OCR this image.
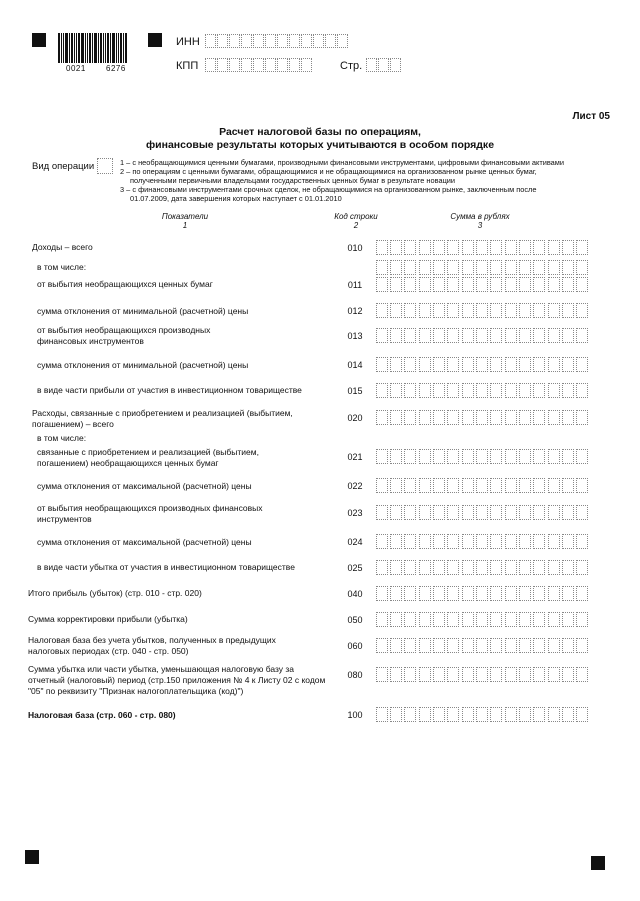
0021	6276
ИНН
КПП	Стр.
Лист 05
Расчет налоговой базы по операциям,
финансовые результаты которых учитываются в особом порядке
Вид операции	1 – с необращающимися ценными бумагами, производными финансовыми инструментами, цифровыми финансовыми активами
2 – по операциям с ценными бумагами, обращающимися и не обращающимися на организованном рынке ценных бумаг,
полученными первичными владельцами государственных ценных бумаг в результате новации
3 – с финансовыми инструментами срочных сделок, не обращающимися на организованном рынке, заключенным после
01.07.2009, дата завершения которых наступает с 01.01.2010
Показатели
1
Код строки
2
Сумма в рублях
3
Доходы – всего	010
в том числе:
от выбытия необращающихся ценных бумаг	011
сумма отклонения от минимальной (расчетной) цены	012
от выбытия необращающихся производных финансовых инструментов	013
сумма отклонения от минимальной (расчетной) цены	014
в виде части прибыли от участия в инвестиционном товариществе	015
Расходы, связанные с приобретением и реализацией (выбытием, погашением) – всего
020
в том числе:
связанные с приобретением и реализацией (выбытием, погашением) необращающихся ценных бумаг
021
сумма отклонения от максимальной (расчетной) цены	022
от выбытия необращающихся производных финансовых инструментов
023
сумма отклонения от максимальной (расчетной) цены	024
в виде части убытка от участия в инвестиционном товариществе	025
Итого прибыль (убыток) (стр. 010 - стр. 020)	040
Сумма корректировки прибыли (убытка)	050
Налоговая база без учета убытков, полученных в предыдущих налоговых периодах (стр. 040 - стр. 050)	060
Сумма убытка или части убытка, уменьшающая налоговую базу за отчетный (налоговый) период (стр.150 приложения № 4 к Листу 02 с кодом "05" по реквизиту "Признак налогоплательщика (код)")
080
Налоговая база (стр. 060 - стр. 080)	100
